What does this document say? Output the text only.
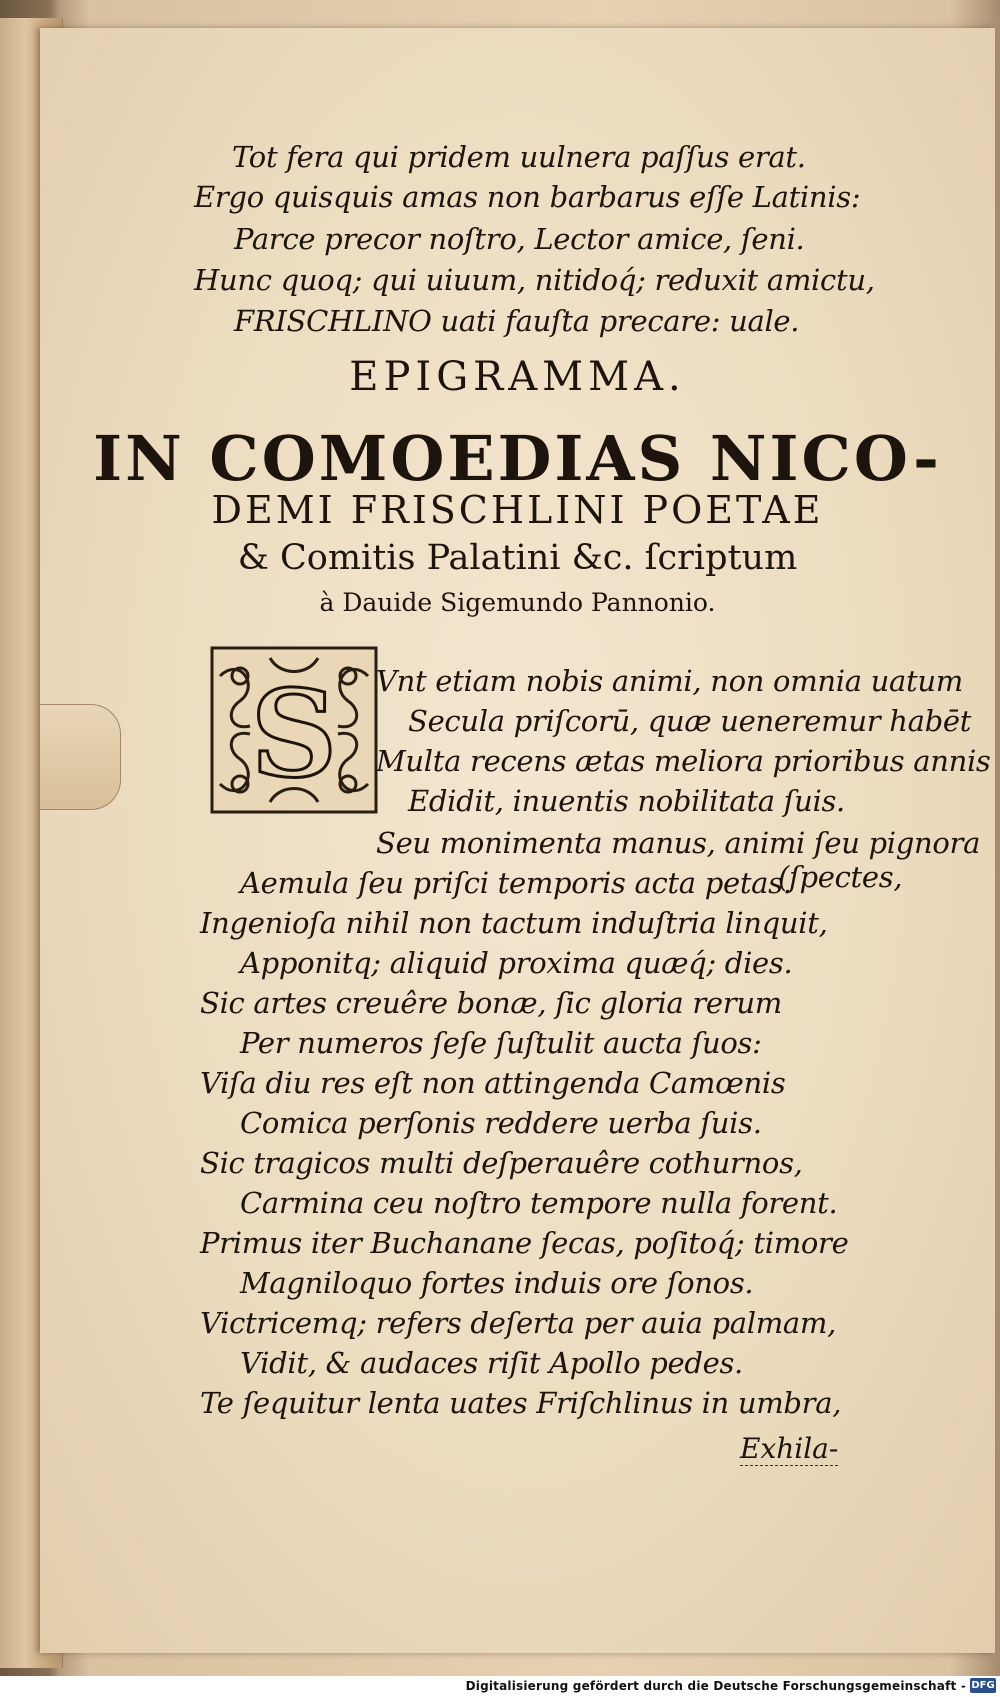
Tot fera qui pridem uulnera paſſus erat.
Ergo quisquis amas non barbarus eſſe Latinis:
Parce precor noſtro, Lector amice, ſeni.
Hunc quoq; qui uiuum, nitidoq́; reduxit amictu,
FRISCHLINO uati fauſta precare: uale.
EPIGRAMMA.
IN COMOEDIAS NICO-
DEMI FRISCHLINI POETAE
& Comitis Palatini &c. ſcriptum
à Dauide Sigemundo Pannonio.
S Vnt etiam nobis animi, non omnia uatum
Secula priſcorū, quæ ueneremur habēt
Multa recens ætas meliora prioribus annis
Edidit, inuentis nobilitata ſuis.
Seu monimenta manus, animi ſeu pignora
Aemula ſeu priſci temporis acta petas.
(ſpectes,
Ingenioſa nihil non tactum induſtria linquit,
Apponitq; aliquid proxima quæq́; dies.
Sic artes creuêre bonæ, ſic gloria rerum
Per numeros ſeſe ſuſtulit aucta ſuos:
Viſa diu res eſt non attingenda Camœnis
Comica perſonis reddere uerba ſuis.
Sic tragicos multi deſperauêre cothurnos,
Carmina ceu noſtro tempore nulla forent.
Primus iter Buchanane ſecas, poſitoq́; timore
Magniloquo fortes induis ore ſonos.
Victricemq; refers deſerta per auia palmam,
Vidit, & audaces riſit Apollo pedes.
Te ſequitur lenta uates Friſchlinus in umbra,
Exhila-
Digitalisierung gefördert durch die Deutsche Forschungsgemeinschaft - DFG
